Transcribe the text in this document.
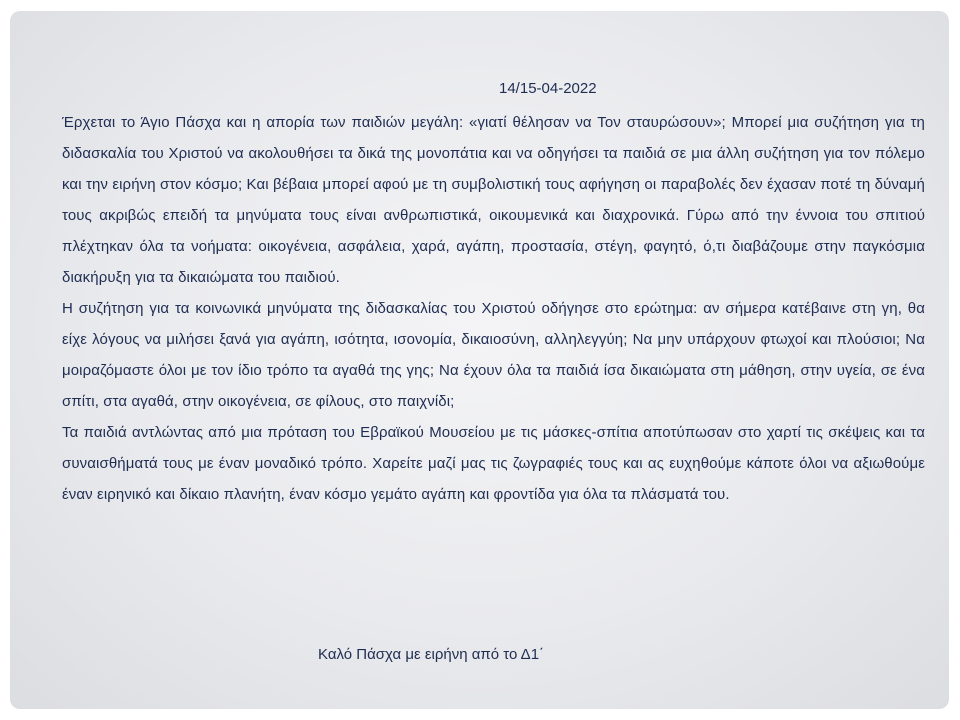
14/15-04-2022

Έρχεται το Άγιο Πάσχα και η απορία των παιδιών μεγάλη: «γιατί θέλησαν να Τον σταυρώσουν»; Μπορεί μια συζήτηση για τη διδασκαλία του Χριστού να ακολουθήσει τα δικά της μονοπάτια και να οδηγήσει τα παιδιά σε μια άλλη συζήτηση για τον πόλεμο και την ειρήνη στον κόσμο; Και βέβαια μπορεί αφού με τη συμβολιστική τους αφήγηση οι παραβολές δεν έχασαν ποτέ τη δύναμή τους ακριβώς επειδή τα μηνύματα τους είναι ανθρωπιστικά, οικουμενικά και διαχρονικά. Γύρω από την έννοια του σπιτιού πλέχτηκαν όλα τα νοήματα: οικογένεια, ασφάλεια, χαρά, αγάπη, προστασία, στέγη, φαγητό, ό,τι διαβάζουμε στην παγκόσμια διακήρυξη για τα δικαιώματα του παιδιού.

Η συζήτηση για τα κοινωνικά μηνύματα της διδασκαλίας του Χριστού οδήγησε στο ερώτημα: αν σήμερα κατέβαινε στη γη, θα είχε λόγους να μιλήσει ξανά για αγάπη, ισότητα, ισονομία, δικαιοσύνη, αλληλεγγύη; Να μην υπάρχουν φτωχοί και πλούσιοι; Να μοιραζόμαστε όλοι με τον ίδιο τρόπο τα αγαθά της γης; Να έχουν όλα τα παιδιά ίσα δικαιώματα στη μάθηση, στην υγεία, σε ένα σπίτι, στα αγαθά, στην οικογένεια, σε φίλους, στο παιχνίδι;

Τα παιδιά αντλώντας από μια πρόταση του Εβραϊκού Μουσείου με τις μάσκες-σπίτια αποτύπωσαν στο χαρτί τις σκέψεις και τα συναισθήματά τους με έναν μοναδικό τρόπο. Χαρείτε μαζί μας τις ζωγραφιές τους και ας ευχηθούμε κάποτε όλοι να αξιωθούμε έναν ειρηνικό και δίκαιο πλανήτη, έναν κόσμο γεμάτο αγάπη και φροντίδα για όλα τα πλάσματά του.

Καλό Πάσχα με ειρήνη από το Δ1΄
